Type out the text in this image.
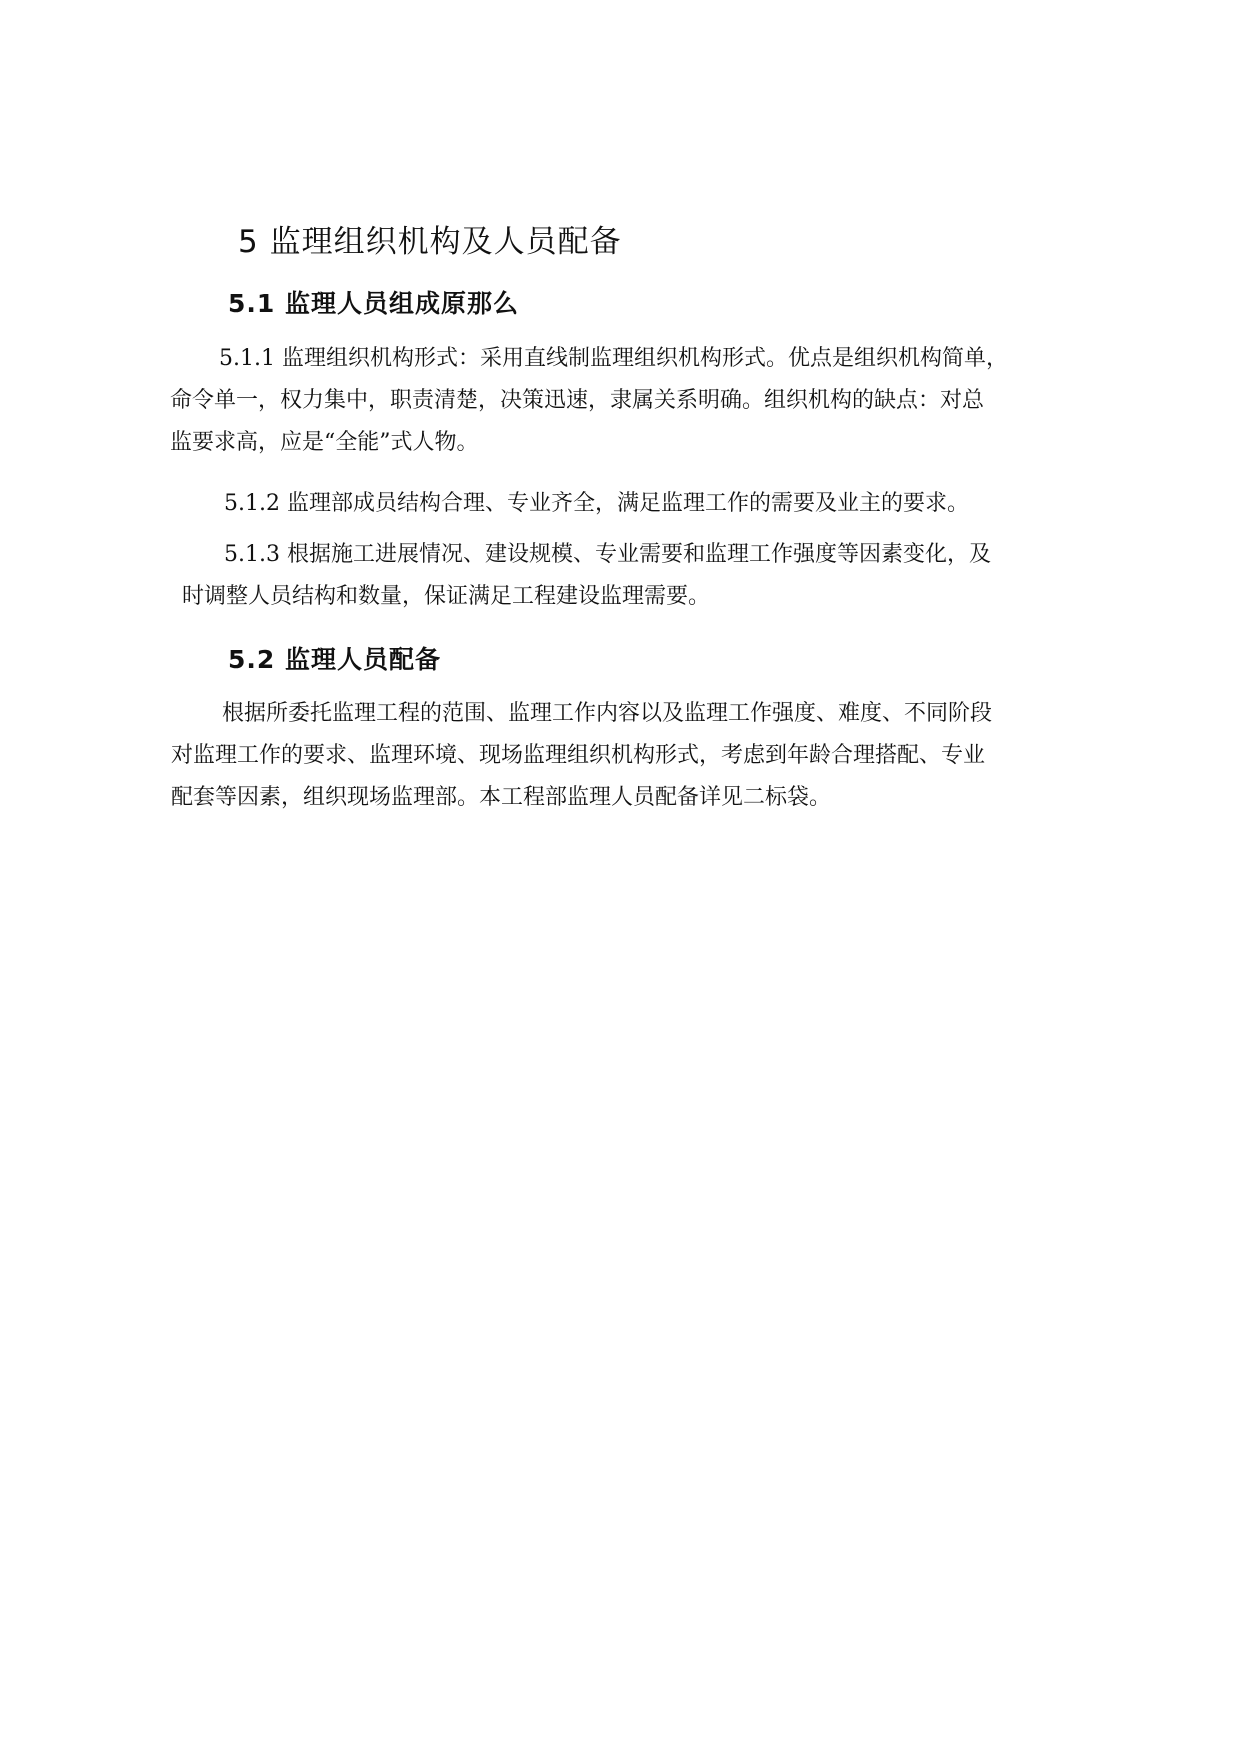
5 监理组织机构及人员配备
5.1 监理人员组成原那么

5.1.1 监理组织机构形式：采用直线制监理组织机构形式。优点是组织机构简单，
命令单一，权力集中，职责清楚，决策迅速，隶属关系明确。组织机构的缺点：对总
监要求高，应是“全能”式人物。

5.1.2 监理部成员结构合理、专业齐全，满足监理工作的需要及业主的要求。

5.1.3 根据施工进展情况、建设规模、专业需要和监理工作强度等因素变化，及
时调整人员结构和数量，保证满足工程建设监理需要。

5.2 监理人员配备

根据所委托监理工程的范围、监理工作内容以及监理工作强度、难度、不同阶段
对监理工作的要求、监理环境、现场监理组织机构形式，考虑到年龄合理搭配、专业
配套等因素，组织现场监理部。本工程部监理人员配备详见二标袋。
